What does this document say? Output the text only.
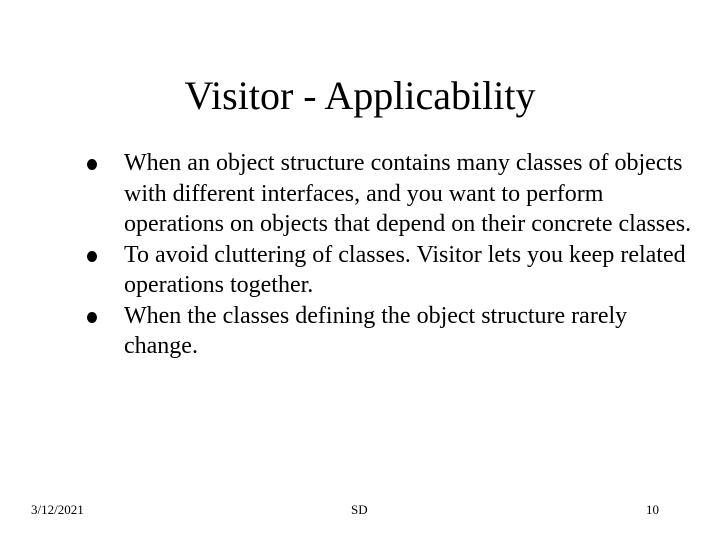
Visitor - Applicability
When an object structure contains many classes of objects with different interfaces, and you want to perform operations on objects that depend on their concrete classes.
To avoid cluttering of classes. Visitor lets you keep related operations together.
When the classes defining the object structure rarely change.
3/12/2021	SD	10
